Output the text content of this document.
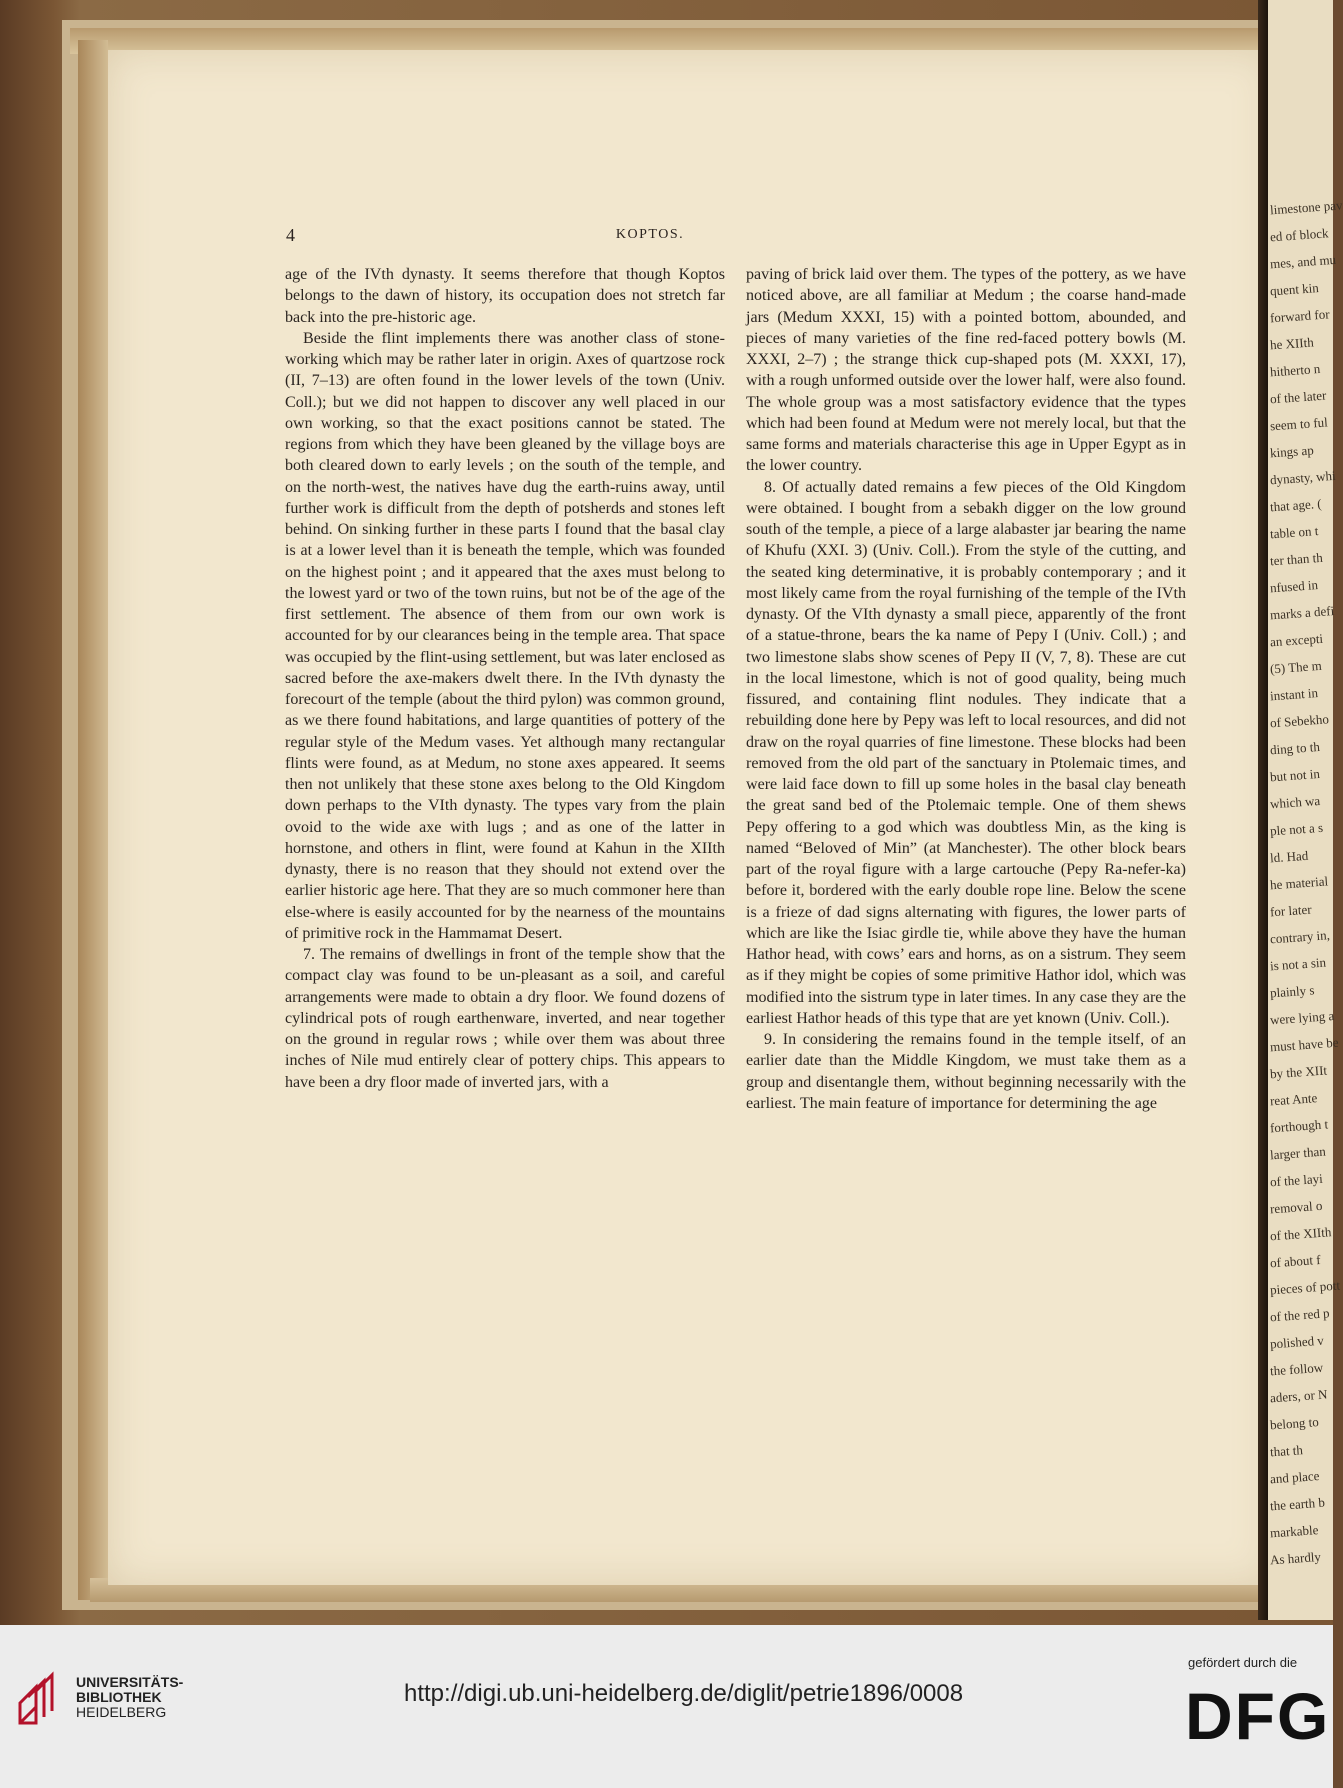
limestone pav
ed of block
mes, and mu
quent kin
forward for
he XIIth
hitherto n
of the later
seem to ful
kings ap
dynasty, whi
that age. (
table on t
ter than th
nfused in
marks a defi
an excepti
(5) The m
instant in
of Sebekho
ding to th
but not in
which wa
ple not a s
ld. Had
he material
for later
contrary in,
is not a sin
plainly s
were lying a
must have be
by the XIIt
reat Ante
forthough t
larger than
of the layi
removal o
of the XIIth
of about f
pieces of pott
of the red p
polished v
the follow
aders, or N
belong to
that th
and place
the earth b
markable
As hardly
4	KOPTOS.

age of the IVth dynasty. It seems therefore that though Koptos belongs to the dawn of history, its occupation does not stretch far back into the pre-historic age.

Beside the flint implements there was another class of stone-working which may be rather later in origin. Axes of quartzose rock (II, 7–13) are often found in the lower levels of the town (Univ. Coll.); but we did not happen to discover any well placed in our own working, so that the exact positions cannot be stated. The regions from which they have been gleaned by the village boys are both cleared down to early levels ; on the south of the temple, and on the north-west, the natives have dug the earth-ruins away, until further work is difficult from the depth of potsherds and stones left behind. On sinking further in these parts I found that the basal clay is at a lower level than it is beneath the temple, which was founded on the highest point ; and it appeared that the axes must belong to the lowest yard or two of the town ruins, but not be of the age of the first settlement. The absence of them from our own work is accounted for by our clearances being in the temple area. That space was occupied by the flint-using settlement, but was later enclosed as sacred before the axe-makers dwelt there. In the IVth dynasty the forecourt of the temple (about the third pylon) was common ground, as we there found habitations, and large quantities of pottery of the regular style of the Medum vases. Yet although many rectangular flints were found, as at Medum, no stone axes appeared. It seems then not unlikely that these stone axes belong to the Old Kingdom down perhaps to the VIth dynasty. The types vary from the plain ovoid to the wide axe with lugs ; and as one of the latter in hornstone, and others in flint, were found at Kahun in the XIIth dynasty, there is no reason that they should not extend over the earlier historic age here. That they are so much commoner here than else-where is easily accounted for by the nearness of the mountains of primitive rock in the Hammamat Desert.

7. The remains of dwellings in front of the temple show that the compact clay was found to be un-pleasant as a soil, and careful arrangements were made to obtain a dry floor. We found dozens of cylindrical pots of rough earthenware, inverted, and near together on the ground in regular rows ; while over them was about three inches of Nile mud entirely clear of pottery chips. This appears to have been a dry floor made of inverted jars, with a

paving of brick laid over them. The types of the pottery, as we have noticed above, are all familiar at Medum ; the coarse hand-made jars (Medum XXXI, 15) with a pointed bottom, abounded, and pieces of many varieties of the fine red-faced pottery bowls (M. XXXI, 2–7) ; the strange thick cup-shaped pots (M. XXXI, 17), with a rough unformed outside over the lower half, were also found. The whole group was a most satisfactory evidence that the types which had been found at Medum were not merely local, but that the same forms and materials characterise this age in Upper Egypt as in the lower country.

8. Of actually dated remains a few pieces of the Old Kingdom were obtained. I bought from a sebakh digger on the low ground south of the temple, a piece of a large alabaster jar bearing the name of Khufu (XXI. 3) (Univ. Coll.). From the style of the cutting, and the seated king determinative, it is probably contemporary ; and it most likely came from the royal furnishing of the temple of the IVth dynasty. Of the VIth dynasty a small piece, apparently of the front of a statue-throne, bears the ka name of Pepy I (Univ. Coll.) ; and two limestone slabs show scenes of Pepy II (V, 7, 8). These are cut in the local limestone, which is not of good quality, being much fissured, and containing flint nodules. They indicate that a rebuilding done here by Pepy was left to local resources, and did not draw on the royal quarries of fine limestone. These blocks had been removed from the old part of the sanctuary in Ptolemaic times, and were laid face down to fill up some holes in the basal clay beneath the great sand bed of the Ptolemaic temple. One of them shews Pepy offering to a god which was doubtless Min, as the king is named “Beloved of Min” (at Manchester). The other block bears part of the royal figure with a large cartouche (Pepy Ra-nefer-ka) before it, bordered with the early double rope line. Below the scene is a frieze of dad signs alternating with figures, the lower parts of which are like the Isiac girdle tie, while above they have the human Hathor head, with cows’ ears and horns, as on a sistrum. They seem as if they might be copies of some primitive Hathor idol, which was modified into the sistrum type in later times. In any case they are the earliest Hathor heads of this type that are yet known (Univ. Coll.).

9. In considering the remains found in the temple itself, of an earlier date than the Middle Kingdom, we must take them as a group and disentangle them, without beginning necessarily with the earliest. The main feature of importance for determining the age

UNIVERSITÄTS-
BIBLIOTHEK
HEIDELBERG
http://digi.ub.uni-heidelberg.de/diglit/petrie1896/0008
gefördert durch die
DFG
